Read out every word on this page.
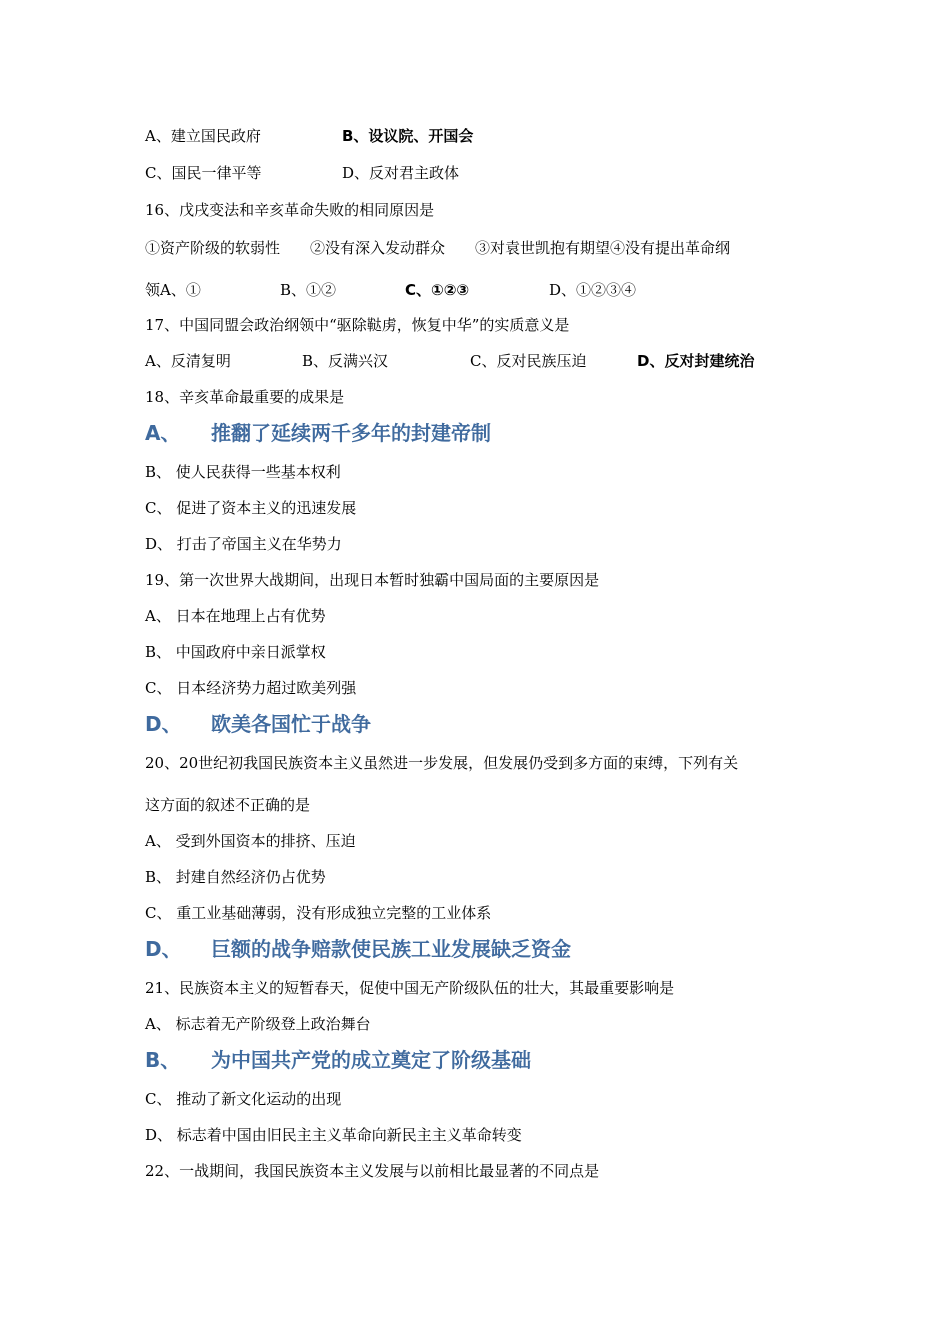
A、建立国民政府	B、设议院、开国会
C、国民一律平等	D、反对君主政体
16、戊戌变法和辛亥革命失败的相同原因是
①资产阶级的软弱性　　②没有深入发动群众　　③对袁世凯抱有期望④没有提出革命纲
领A、①	B、①②	C、①②③	D、①②③④
17、中国同盟会政治纲领中“驱除鞑虏，恢复中华”的实质意义是
A、反清复明	B、反满兴汉	C、反对民族压迫	D、反对封建统治
18、辛亥革命最重要的成果是
A、 推翻了延续两千多年的封建帝制
B、 使人民获得一些基本权利
C、 促进了资本主义的迅速发展
D、 打击了帝国主义在华势力
19、第一次世界大战期间，出现日本暂时独霸中国局面的主要原因是
A、 日本在地理上占有优势
B、 中国政府中亲日派掌权
C、 日本经济势力超过欧美列强
D、 欧美各国忙于战争
20、20世纪初我国民族资本主义虽然进一步发展，但发展仍受到多方面的束缚，下列有关
这方面的叙述不正确的是
A、 受到外国资本的排挤、压迫
B、 封建自然经济仍占优势
C、 重工业基础薄弱，没有形成独立完整的工业体系
D、 巨额的战争赔款使民族工业发展缺乏资金
21、民族资本主义的短暂春天，促使中国无产阶级队伍的壮大，其最重要影响是
A、 标志着无产阶级登上政治舞台
B、 为中国共产党的成立奠定了阶级基础
C、 推动了新文化运动的出现
D、 标志着中国由旧民主主义革命向新民主主义革命转变
22、一战期间，我国民族资本主义发展与以前相比最显著的不同点是
